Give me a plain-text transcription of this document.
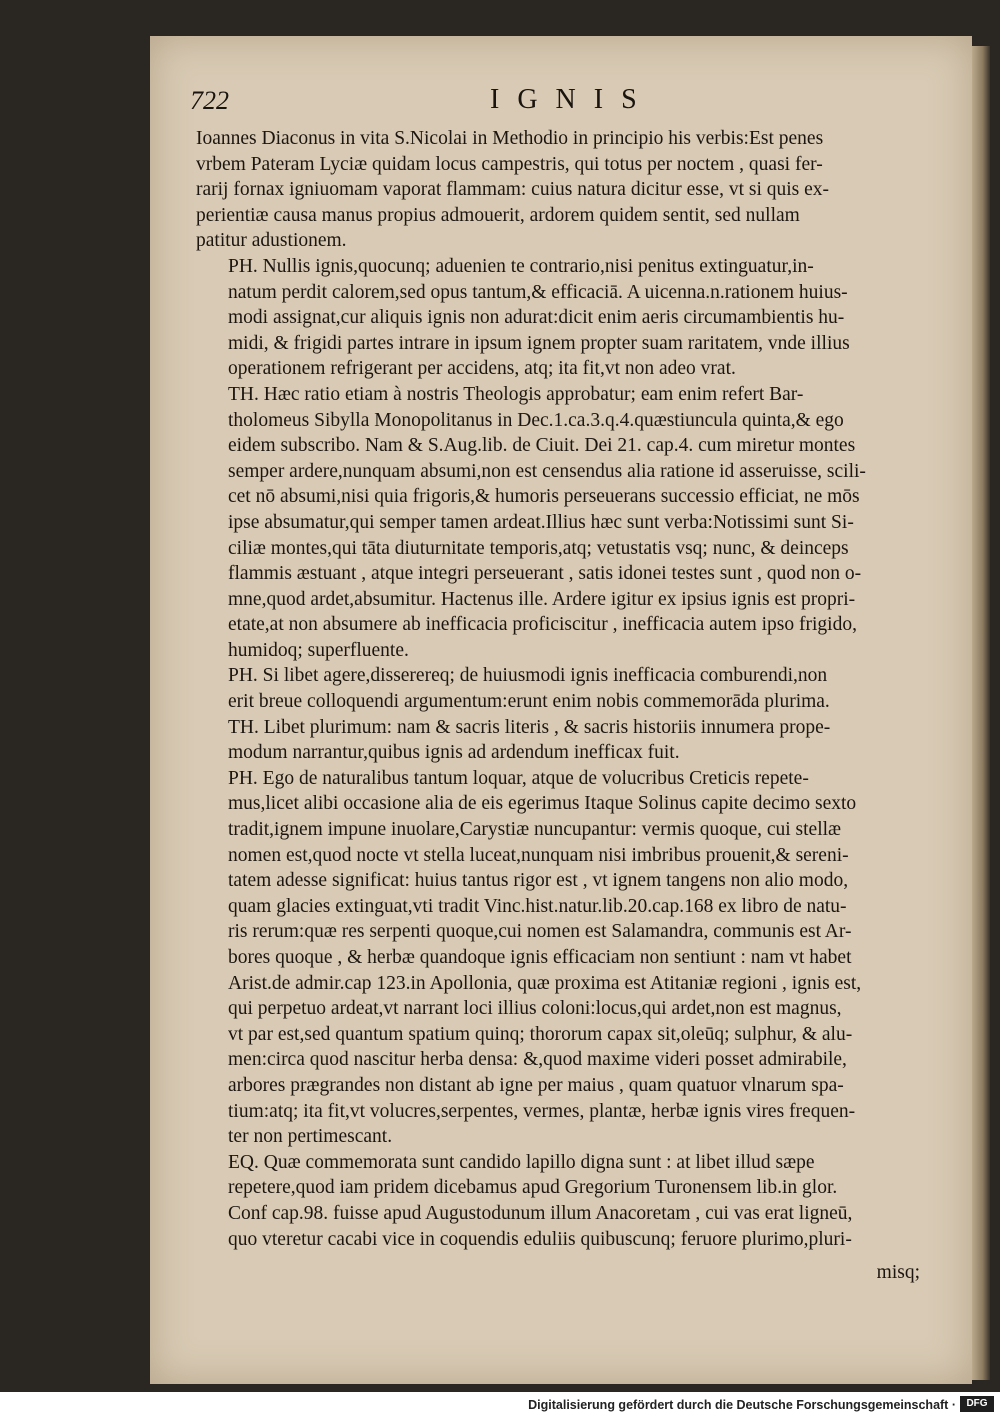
722	IGNIS
Ioannes Diaconus in vita S.Nicolai in Methodio in principio his verbis:Est penes
vrbem Pateram Lyciæ quidam locus campestris, qui totus per noctem , quasi fer-
rarij fornax igniuomam vaporat flammam: cuius natura dicitur esse, vt si quis ex-
perientiæ causa manus propius admouerit, ardorem quidem sentit, sed nullam
patitur adustionem.
PH. Nullis ignis,quocunq; aduenien te contrario,nisi penitus extinguatur,in-
natum perdit calorem,sed opus tantum,& efficaciā. A uicenna.n.rationem huius-
modi assignat,cur aliquis ignis non adurat:dicit enim aeris circumambientis hu-
midi, & frigidi partes intrare in ipsum ignem propter suam raritatem, vnde illius
operationem refrigerant per accidens, atq; ita fit,vt non adeo vrat.
TH. Hæc ratio etiam à nostris Theologis approbatur; eam enim refert Bar-
tholomeus Sibylla Monopolitanus in Dec.1.ca.3.q.4.quæstiuncula quinta,& ego
eidem subscribo. Nam & S.Aug.lib. de Ciuit. Dei 21. cap.4. cum miretur montes
semper ardere,nunquam absumi,non est censendus alia ratione id asseruisse, scili-
cet nō absumi,nisi quia frigoris,& humoris perseuerans successio efficiat, ne mōs
ipse absumatur,qui semper tamen ardeat.Illius hæc sunt verba:Notissimi sunt Si-
ciliæ montes,qui tāta diuturnitate temporis,atq; vetustatis vsq; nunc, & deinceps
flammis æstuant , atque integri perseuerant , satis idonei testes sunt , quod non o-
mne,quod ardet,absumitur. Hactenus ille. Ardere igitur ex ipsius ignis est propri-
etate,at non absumere ab inefficacia proficiscitur , inefficacia autem ipso frigido,
humidoq; superfluente.
PH. Si libet agere,disserereq; de huiusmodi ignis inefficacia comburendi,non
erit breue colloquendi argumentum:erunt enim nobis commemorāda plurima.
TH. Libet plurimum: nam & sacris literis , & sacris historiis innumera prope-
modum narrantur,quibus ignis ad ardendum inefficax fuit.
PH. Ego de naturalibus tantum loquar, atque de volucribus Creticis repete-
mus,licet alibi occasione alia de eis egerimus Itaque Solinus capite decimo sexto
tradit,ignem impune inuolare,Carystiæ nuncupantur: vermis quoque, cui stellæ
nomen est,quod nocte vt stella luceat,nunquam nisi imbribus prouenit,& sereni-
tatem adesse significat: huius tantus rigor est , vt ignem tangens non alio modo,
quam glacies extinguat,vti tradit Vinc.hist.natur.lib.20.cap.168 ex libro de natu-
ris rerum:quæ res serpenti quoque,cui nomen est Salamandra, communis est Ar-
bores quoque , & herbæ quandoque ignis efficaciam non sentiunt : nam vt habet
Arist.de admir.cap 123.in Apollonia, quæ proxima est Atitaniæ regioni , ignis est,
qui perpetuo ardeat,vt narrant loci illius coloni:locus,qui ardet,non est magnus,
vt par est,sed quantum spatium quinq; thororum capax sit,oleūq; sulphur, & alu-
men:circa quod nascitur herba densa: &,quod maxime videri posset admirabile,
arbores prægrandes non distant ab igne per maius , quam quatuor vlnarum spa-
tium:atq; ita fit,vt volucres,serpentes, vermes, plantæ, herbæ ignis vires frequen-
ter non pertimescant.
EQ. Quæ commemorata sunt candido lapillo digna sunt : at libet illud sæpe
repetere,quod iam pridem dicebamus apud Gregorium Turonensem lib.in glor.
Conf cap.98. fuisse apud Augustodunum illum Anacoretam , cui vas erat ligneū,
quo vteretur cacabi vice in coquendis eduliis quibuscunq; feruore plurimo,pluri-
misq;
Digitalisierung gefördert durch die Deutsche Forschungsgemeinschaft ·	DFG
